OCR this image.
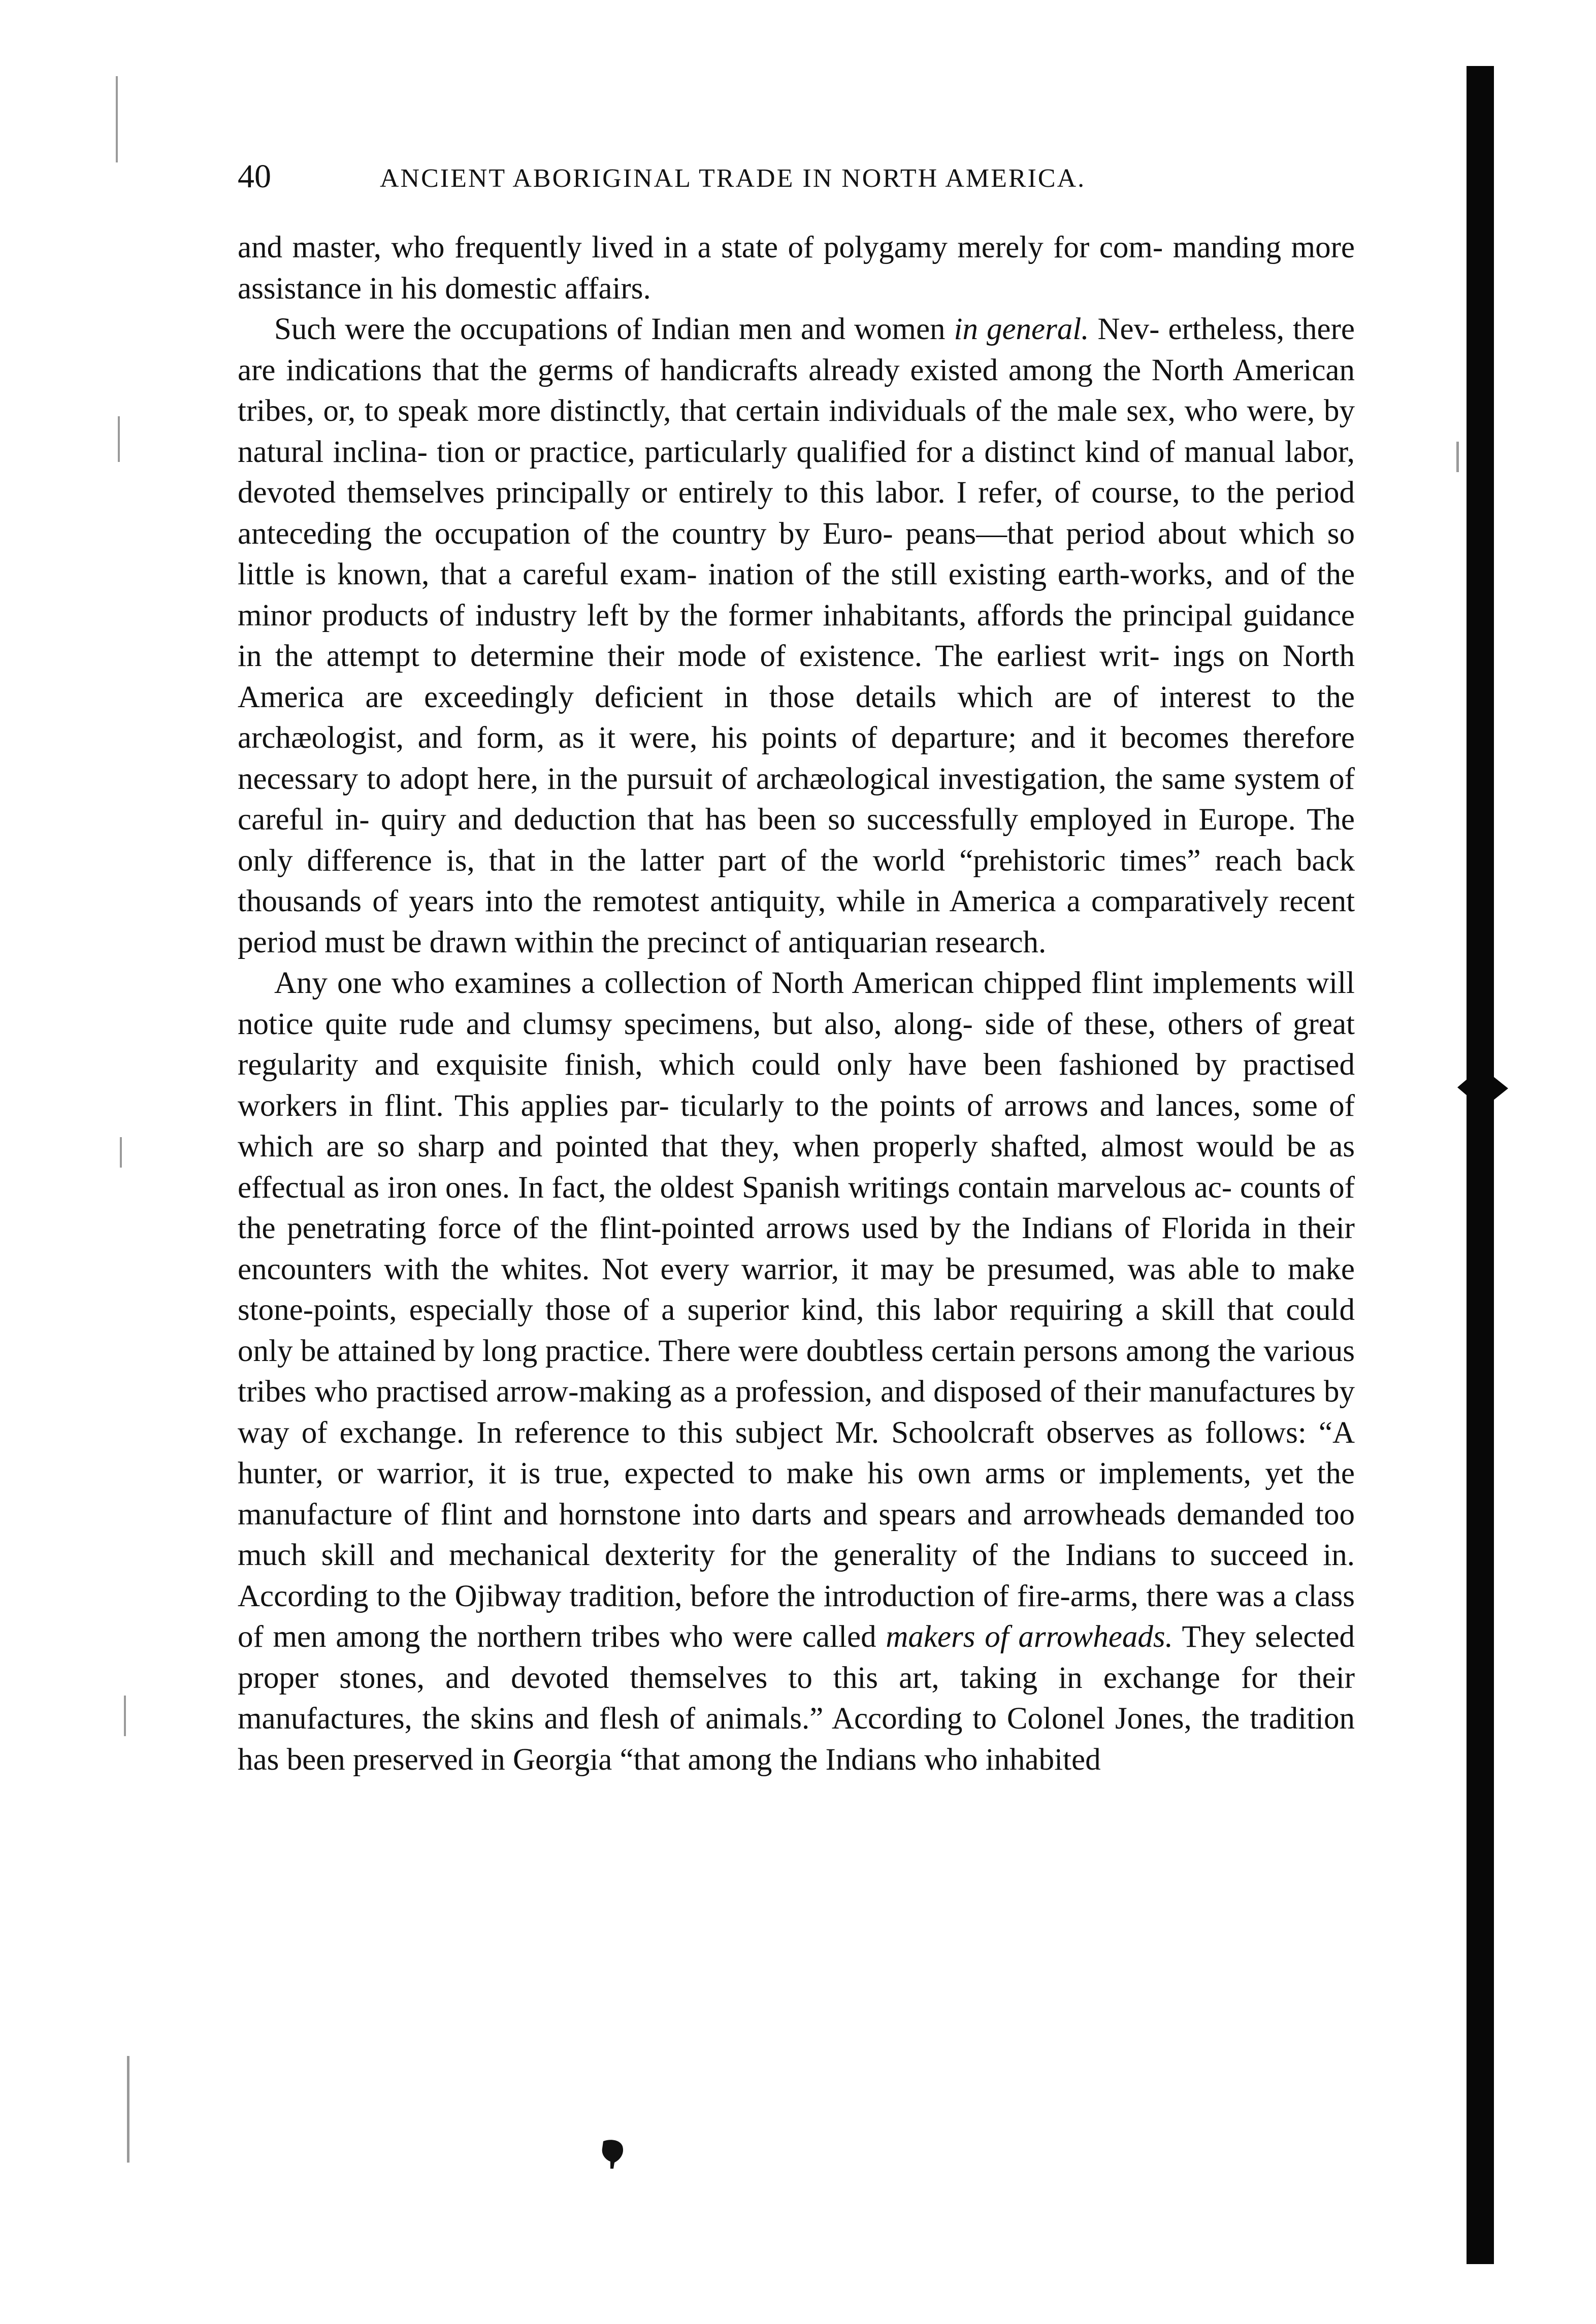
40	ANCIENT ABORIGINAL TRADE IN NORTH AMERICA.

and master, who frequently lived in a state of polygamy merely for com- manding more assistance in his domestic affairs.

Such were the occupations of Indian men and women in general. Nev- ertheless, there are indications that the germs of handicrafts already existed among the North American tribes, or, to speak more distinctly, that certain individuals of the male sex, who were, by natural inclina- tion or practice, particularly qualified for a distinct kind of manual labor, devoted themselves principally or entirely to this labor. I refer, of course, to the period anteceding the occupation of the country by Euro- peans—that period about which so little is known, that a careful exam- ination of the still existing earth-works, and of the minor products of industry left by the former inhabitants, affords the principal guidance in the attempt to determine their mode of existence. The earliest writ- ings on North America are exceedingly deficient in those details which are of interest to the archæologist, and form, as it were, his points of departure; and it becomes therefore necessary to adopt here, in the pursuit of archæological investigation, the same system of careful in- quiry and deduction that has been so successfully employed in Europe. The only difference is, that in the latter part of the world “prehistoric times” reach back thousands of years into the remotest antiquity, while in America a comparatively recent period must be drawn within the precinct of antiquarian research.

Any one who examines a collection of North American chipped flint implements will notice quite rude and clumsy specimens, but also, along- side of these, others of great regularity and exquisite finish, which could only have been fashioned by practised workers in flint. This applies par- ticularly to the points of arrows and lances, some of which are so sharp and pointed that they, when properly shafted, almost would be as effectual as iron ones. In fact, the oldest Spanish writings contain marvelous ac- counts of the penetrating force of the flint-pointed arrows used by the Indians of Florida in their encounters with the whites. Not every warrior, it may be presumed, was able to make stone-points, especially those of a superior kind, this labor requiring a skill that could only be attained by long practice. There were doubtless certain persons among the various tribes who practised arrow-making as a profession, and disposed of their manufactures by way of exchange. In reference to this subject Mr. Schoolcraft observes as follows: “A hunter, or warrior, it is true, expected to make his own arms or implements, yet the manufacture of flint and hornstone into darts and spears and arrowheads demanded too much skill and mechanical dexterity for the generality of the Indians to succeed in. According to the Ojibway tradition, before the introduction of fire-arms, there was a class of men among the northern tribes who were called makers of arrowheads. They selected proper stones, and devoted themselves to this art, taking in exchange for their manufactures, the skins and flesh of animals.” According to Colonel Jones, the tradition has been preserved in Georgia “that among the Indians who inhabited
